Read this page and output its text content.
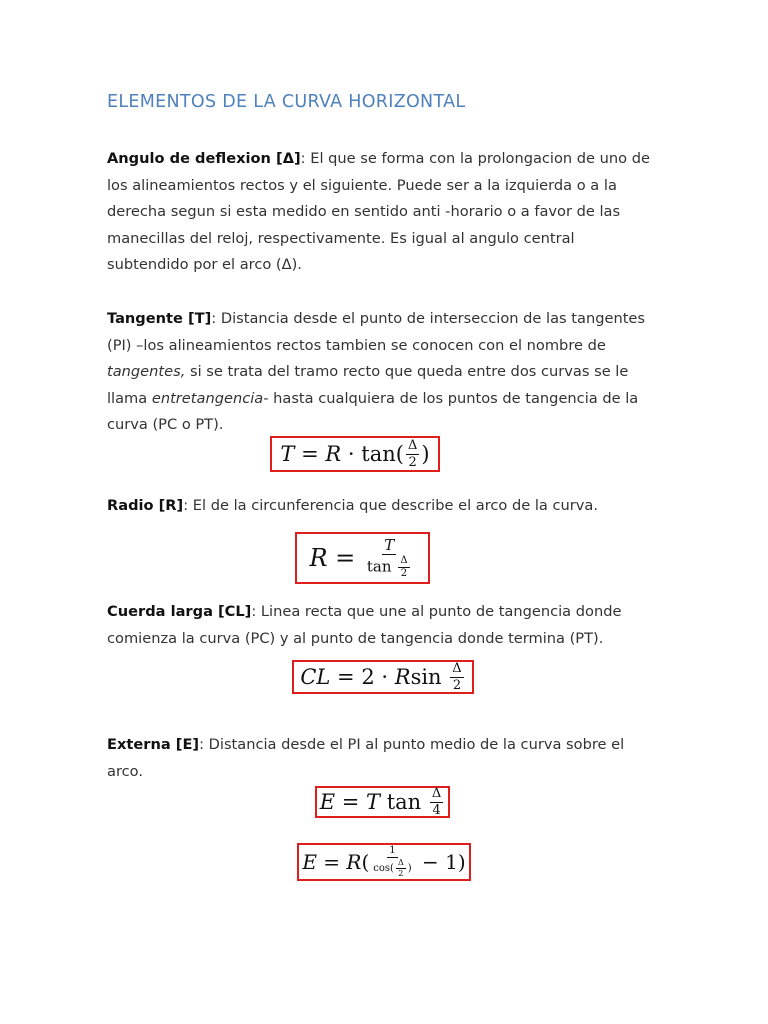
ELEMENTOS DE LA CURVA HORIZONTAL
Angulo de deflexion [Δ]: El que se forma con la prolongacion de uno de
los alineamientos rectos y el siguiente. Puede ser a la izquierda o a la
derecha segun si esta medido en sentido anti -horario o a favor de las
manecillas del reloj, respectivamente. Es igual al angulo central
subtendido por el arco (Δ).
Tangente [T]: Distancia desde el punto de interseccion de las tangentes
(PI) –los alineamientos rectos tambien se conocen con el nombre de
tangentes, si se trata del tramo recto que queda entre dos curvas se le
llama entretangencia- hasta cualquiera de los puntos de tangencia de la
curva (PC o PT).
T
=
R
·
$\tan( \frac{\Delta}{2}$ )
Radio [R]: El de la circunferencia que describe el arco de la curva.
R
=
$\frac{T}{\tan \frac{\Delta}{2}}$
Cuerda larga [CL]: Linea recta que une al punto de tangencia donde
comienza la curva (PC) y al punto de tangencia donde termina (PT).
CL
=
2
·
R sin
$\frac{\Delta}{2}$
Externa [E]: Distancia desde el PI al punto medio de la curva sobre el
arco.
E
=
T
tan
$\frac{\Delta}{4}$
E
=
R ( $\frac{1}{\cos( \frac{\Delta}{2} )}$
−
1 )
